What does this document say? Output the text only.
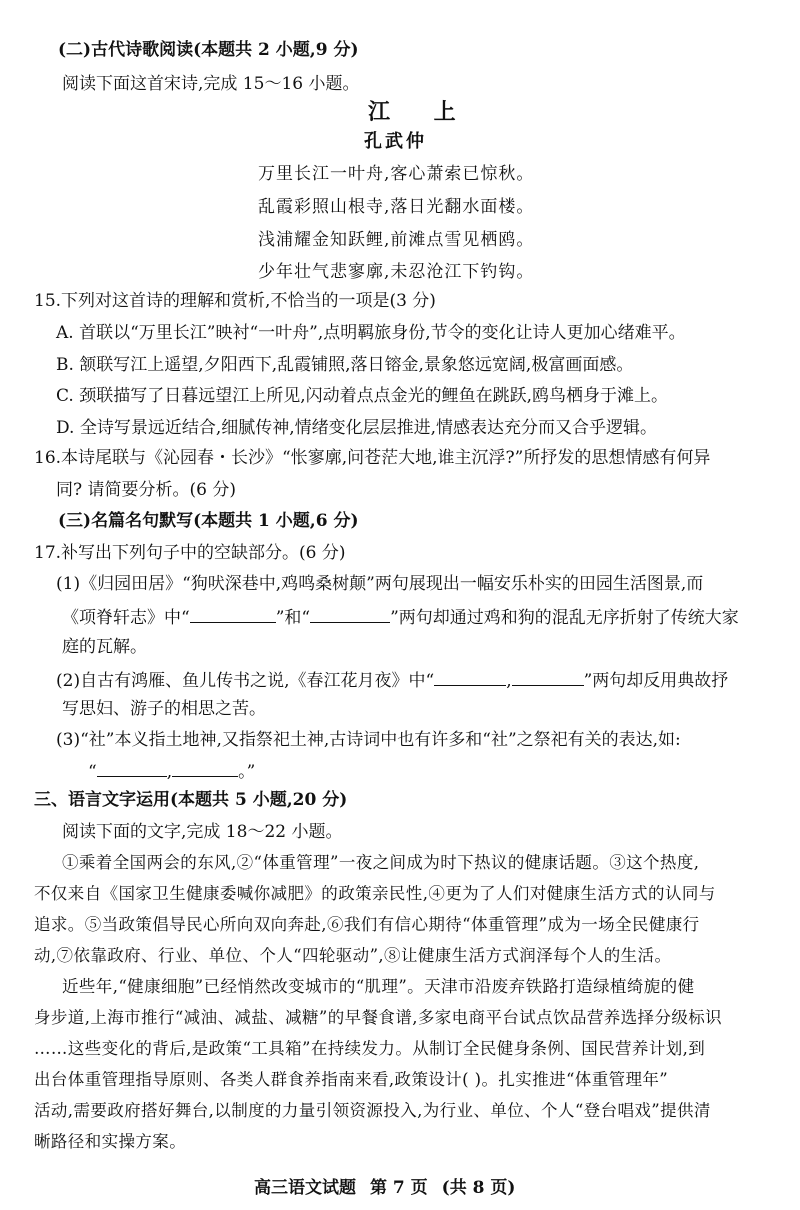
(二)古代诗歌阅读(本题共 2 小题,9 分)
阅读下面这首宋诗,完成 15～16 小题。
江 上
孔武仲
万里长江一叶舟,客心萧索已惊秋。
乱霞彩照山根寺,落日光翻水面楼。
浅浦耀金知跃鲤,前滩点雪见栖鸥。
少年壮气悲寥廓,未忍沧江下钓钩。
15.下列对这首诗的理解和赏析,不恰当的一项是(3 分)
A. 首联以“万里长江”映衬“一叶舟”,点明羁旅身份,节令的变化让诗人更加心绪难平。
B. 颔联写江上遥望,夕阳西下,乱霞铺照,落日镕金,景象悠远宽阔,极富画面感。
C. 颈联描写了日暮远望江上所见,闪动着点点金光的鲤鱼在跳跃,鸥鸟栖身于滩上。
D. 全诗写景远近结合,细腻传神,情绪变化层层推进,情感表达充分而又合乎逻辑。
16.本诗尾联与《沁园春・长沙》“怅寥廓,问苍茫大地,谁主沉浮?”所抒发的思想情感有何异
同? 请简要分析。(6 分)
(三)名篇名句默写(本题共 1 小题,6 分)
17.补写出下列句子中的空缺部分。(6 分)
(1)《归园田居》“狗吠深巷中,鸡鸣桑树颠”两句展现出一幅安乐朴实的田园生活图景,而
《项脊轩志》中“	”和“	”两句却通过鸡和狗的混乱无序折射了传统大家
庭的瓦解。
(2)自古有鸿雁、鱼儿传书之说,《春江花月夜》中“	,	”两句却反用典故抒
写思妇、游子的相思之苦。
(3)“社”本义指土地神,又指祭祀土神,古诗词中也有许多和“社”之祭祀有关的表达,如:
“	,	。”
三、语言文字运用(本题共 5 小题,20 分)
阅读下面的文字,完成 18～22 小题。
①乘着全国两会的东风,②“体重管理”一夜之间成为时下热议的健康话题。③这个热度,
不仅来自《国家卫生健康委喊你减肥》的政策亲民性,④更为了人们对健康生活方式的认同与
追求。⑤当政策倡导民心所向双向奔赴,⑥我们有信心期待“体重管理”成为一场全民健康行
动,⑦依靠政府、行业、单位、个人“四轮驱动”,⑧让健康生活方式润泽每个人的生活。
近些年,“健康细胞”已经悄然改变城市的“肌理”。天津市沿废弃铁路打造绿植绮旎的健
身步道,上海市推行“减油、减盐、减糖”的早餐食谱,多家电商平台试点饮品营养选择分级标识
……这些变化的背后,是政策“工具箱”在持续发力。从制订全民健身条例、国民营养计划,到
出台体重管理指导原则、各类人群食养指南来看,政策设计( )。扎实推进“体重管理年”
活动,需要政府搭好舞台,以制度的力量引领资源投入,为行业、单位、个人“登台唱戏”提供清
晰路径和实操方案。
高三语文试题 第 7 页 (共 8 页)
